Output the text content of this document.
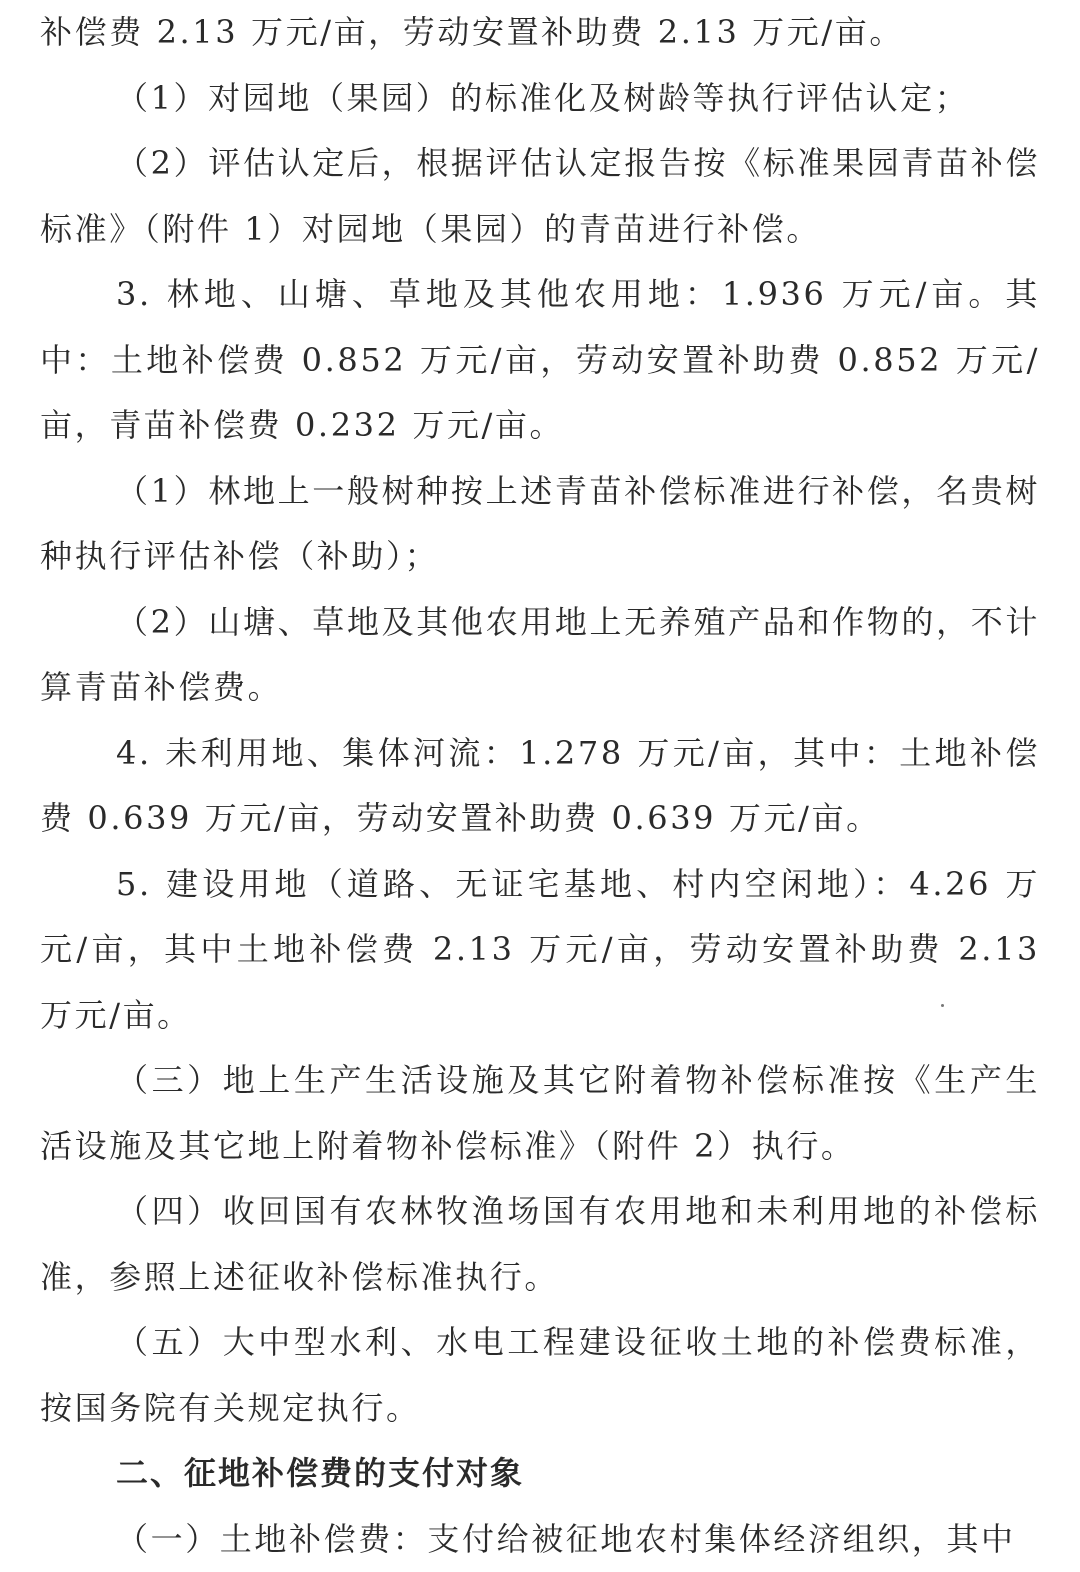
补偿费 2.13 万元/亩，劳动安置补助费 2.13 万元/亩。

（1）对园地（果园）的标准化及树龄等执行评估认定；

（2）评估认定后，根据评估认定报告按《标准果园青苗补偿标准》（附件 1）对园地（果园）的青苗进行补偿。

3. 林地、山塘、草地及其他农用地：1.936 万元/亩。其中：土地补偿费 0.852 万元/亩，劳动安置补助费 0.852 万元/亩，青苗补偿费 0.232 万元/亩。

（1）林地上一般树种按上述青苗补偿标准进行补偿，名贵树种执行评估补偿（补助）；

（2）山塘、草地及其他农用地上无养殖产品和作物的，不计算青苗补偿费。

4. 未利用地、集体河流：1.278 万元/亩，其中：土地补偿费 0.639 万元/亩，劳动安置补助费 0.639 万元/亩。

5. 建设用地（道路、无证宅基地、村内空闲地）：4.26 万元/亩，其中土地补偿费 2.13 万元/亩，劳动安置补助费 2.13 万元/亩。

（三）地上生产生活设施及其它附着物补偿标准按《生产生活设施及其它地上附着物补偿标准》（附件 2）执行。

（四）收回国有农林牧渔场国有农用地和未利用地的补偿标准，参照上述征收补偿标准执行。

（五）大中型水利、水电工程建设征收土地的补偿费标准，按国务院有关规定执行。

二、征地补偿费的支付对象

（一）土地补偿费：支付给被征地农村集体经济组织，其中
